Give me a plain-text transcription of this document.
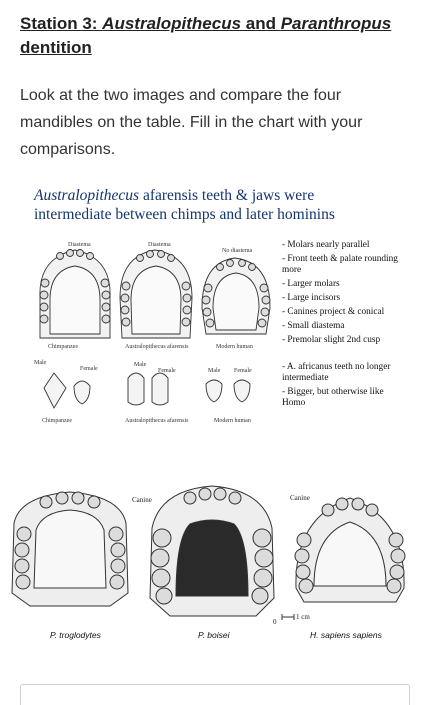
Station 3: Australopithecus and Paranthropus
dentition
Look at the two images and compare the four mandibles on the table. Fill in the chart with your comparisons.
Australopithecus afarensis teeth & jaws were
intermediate between chimps and later hominins
Diastema	Diastema
No diastema
Chimpanzee	Australopithecus afarensis	Modern human
Male
Female
Male
Female	Male Female
Chimpanzee	Australopithecus afarensis	Modern human
- Molars nearly parallel
- Front teeth & palate rounding more
- Larger molars
- Large incisors
- Canines project & conical
- Small diastema
- Premolar slight 2nd cusp
- A. africanus teeth no longer intermediate
- Bigger, but otherwise like Homo
Canine	Canine
0
1 cm
P. troglodytes	P. boisei	H. sapiens sapiens
